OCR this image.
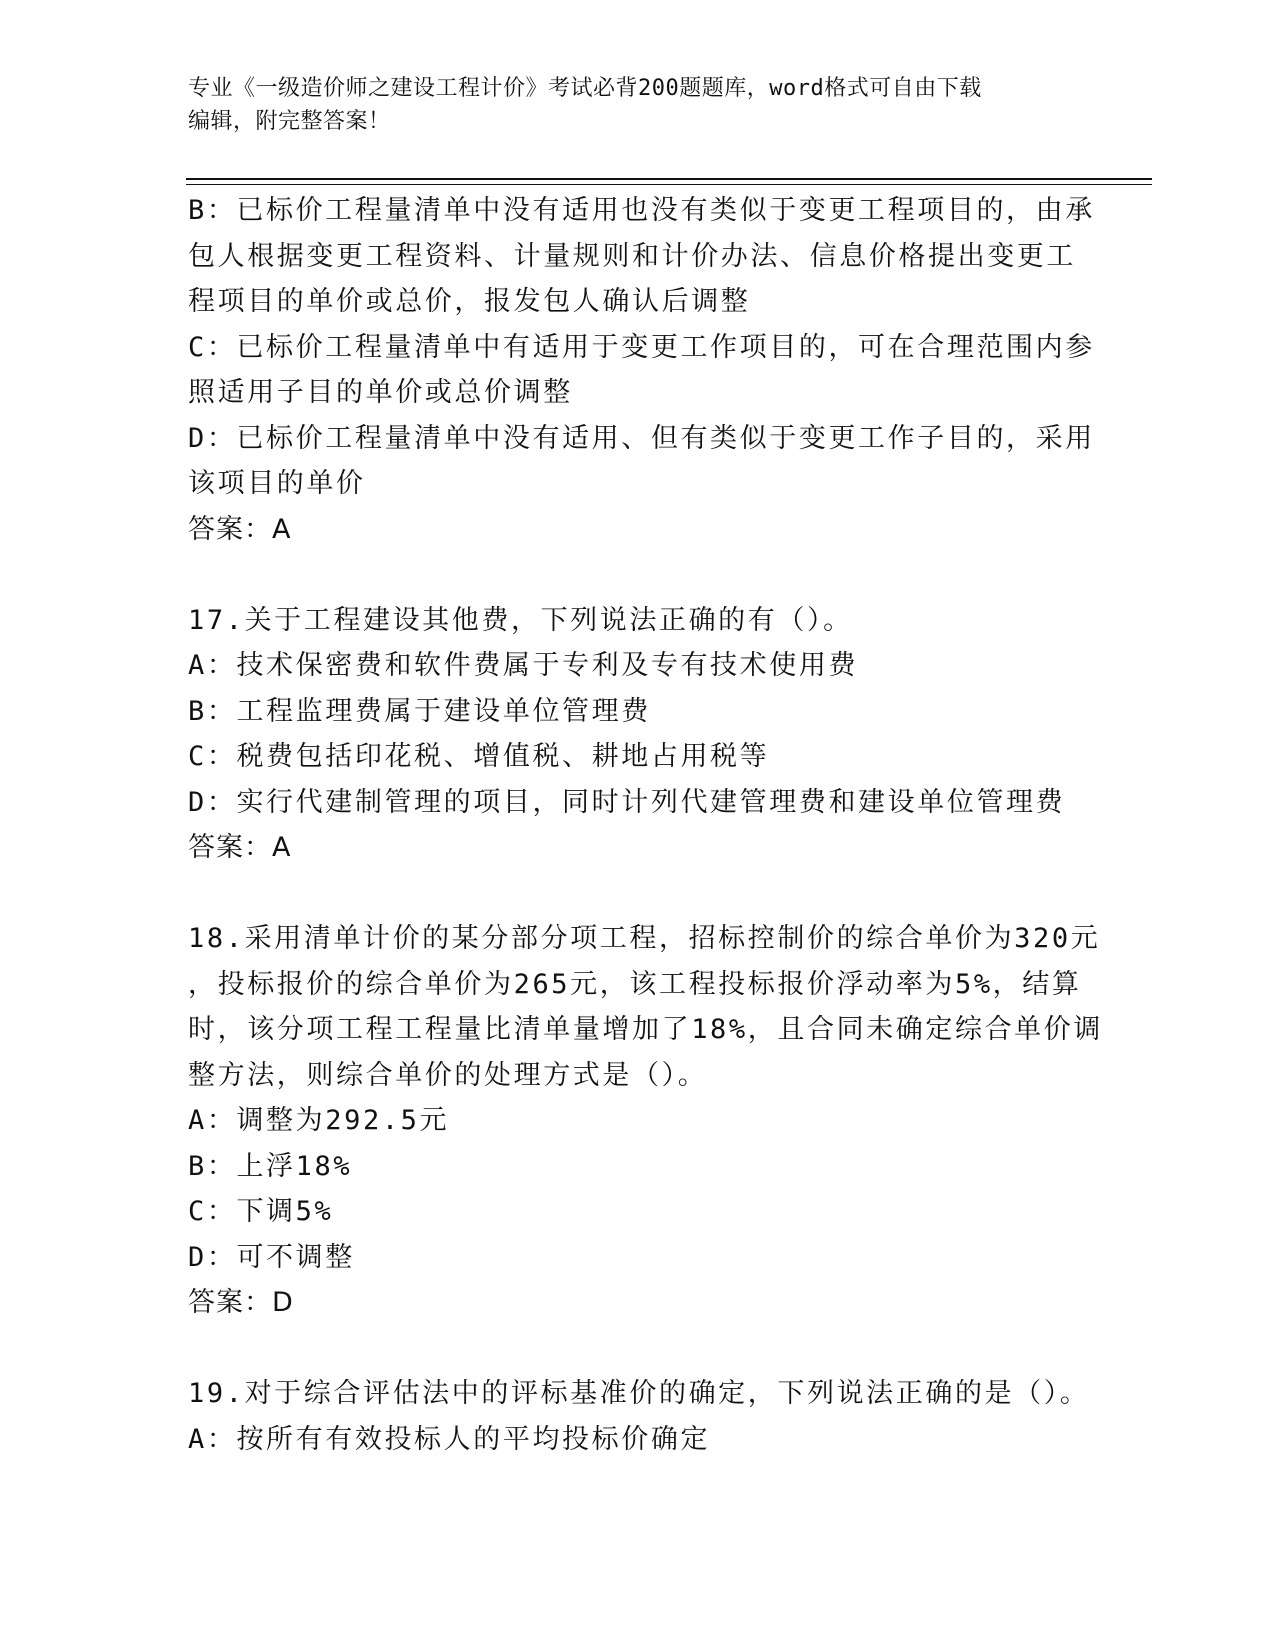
专业《一级造价师之建设工程计价》考试必背200题题库，word格式可自由下载
编辑，附完整答案！
B：已标价工程量清单中没有适用也没有类似于变更工程项目的，由承
包人根据变更工程资料、计量规则和计价办法、信息价格提出变更工
程项目的单价或总价，报发包人确认后调整
C：已标价工程量清单中有适用于变更工作项目的，可在合理范围内参
照适用子目的单价或总价调整
D：已标价工程量清单中没有适用、但有类似于变更工作子目的，采用
该项目的单价
答案：A
17.关于工程建设其他费，下列说法正确的有（）。
A：技术保密费和软件费属于专利及专有技术使用费
B：工程监理费属于建设单位管理费
C：税费包括印花税、增值税、耕地占用税等
D：实行代建制管理的项目，同时计列代建管理费和建设单位管理费
答案：A
18.采用清单计价的某分部分项工程，招标控制价的综合单价为320元
，投标报价的综合单价为265元，该工程投标报价浮动率为5%，结算
时，该分项工程工程量比清单量增加了18%，且合同未确定综合单价调
整方法，则综合单价的处理方式是（）。
A：调整为292.5元
B：上浮18%
C：下调5%
D：可不调整
答案：D
19.对于综合评估法中的评标基准价的确定，下列说法正确的是（）。
A：按所有有效投标人的平均投标价确定
